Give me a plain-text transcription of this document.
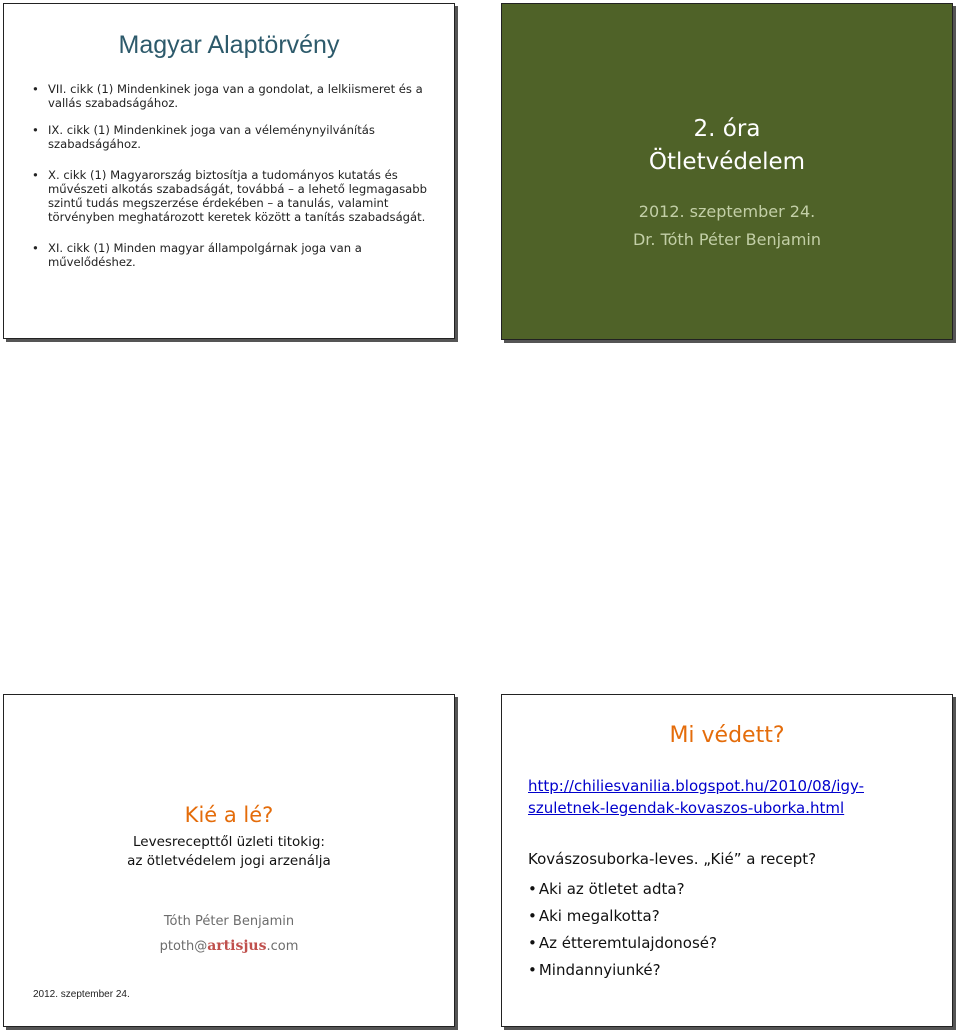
Magyar Alaptörvény
• VII. cikk (1) Mindenkinek joga van a gondolat, a lelkiismeret és a vallás szabadságához.
• IX. cikk (1) Mindenkinek joga van a véleménynyilvánítás szabadságához.
• X. cikk (1) Magyarország biztosítja a tudományos kutatás és művészeti alkotás szabadságát, továbbá – a lehető legmagasabb szintű tudás megszerzése érdekében – a tanulás, valamint törvényben meghatározott keretek között a tanítás szabadságát.
• XI. cikk (1) Minden magyar állampolgárnak joga van a művelődéshez.
2. óra
Ötletvédelem
2012. szeptember 24.
Dr. Tóth Péter Benjamin
Kié a lé?
Levesrecepttől üzleti titokig:
az ötletvédelem jogi arzenálja
Tóth Péter Benjamin
ptoth@artisjus.com
2012. szeptember 24.
Mi védett?
http://chiliesvanilia.blogspot.hu/2010/08/igy-szuletnek-legendak-kovaszos-uborka.html
Kovászosuborka-leves. „Kié” a recept?
• Aki az ötletet adta?
• Aki megalkotta?
• Az étteremtulajdonosé?
• Mindannyiunké?
